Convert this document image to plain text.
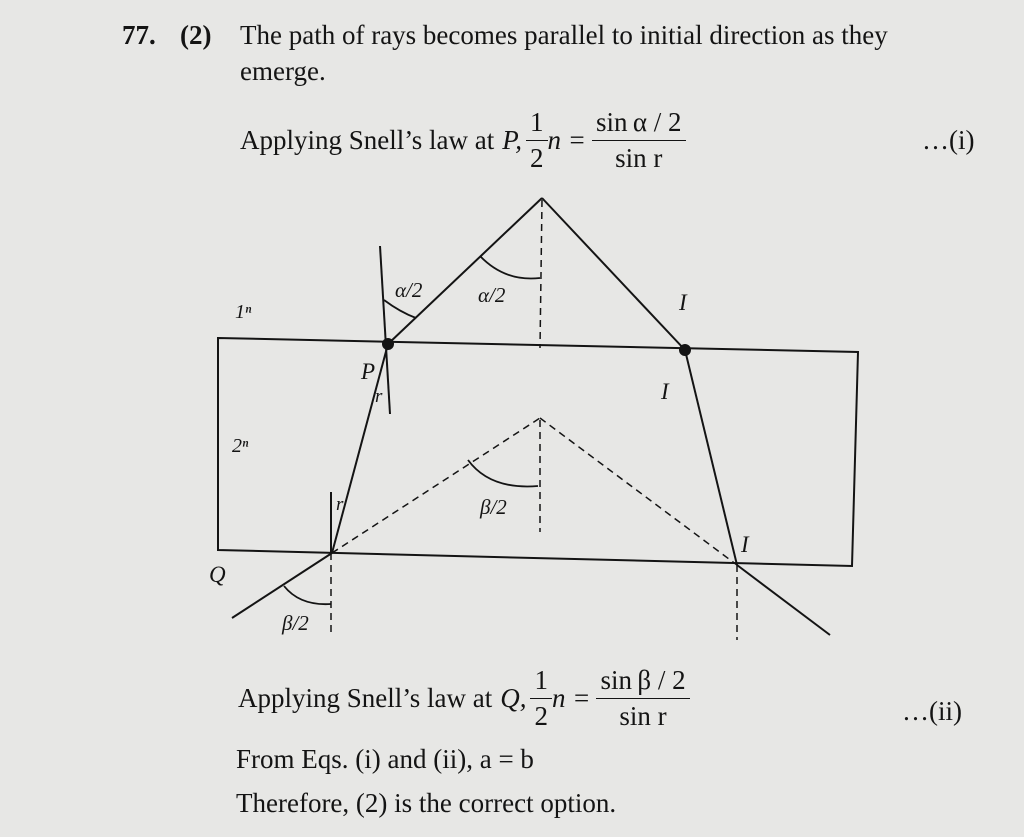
77. (2) The path of rays becomes parallel to initial direction as they
emerge.
Applying Snell’s law at P, $\frac{1}{2}$ $n = \frac{\text{sin α / 2}}{\text{sin r}}$	…(i)
1ⁿ
2ⁿ
α/2	α/2
β/2
β/2
P
Q
r
r
I
I
I
Applying Snell’s law at Q, $\frac{1}{2}$ $n = \frac{\text{sin β / 2}}{\text{sin r}}$	…(ii)
From Eqs. (i) and (ii), a = b
Therefore, (2) is the correct option.
